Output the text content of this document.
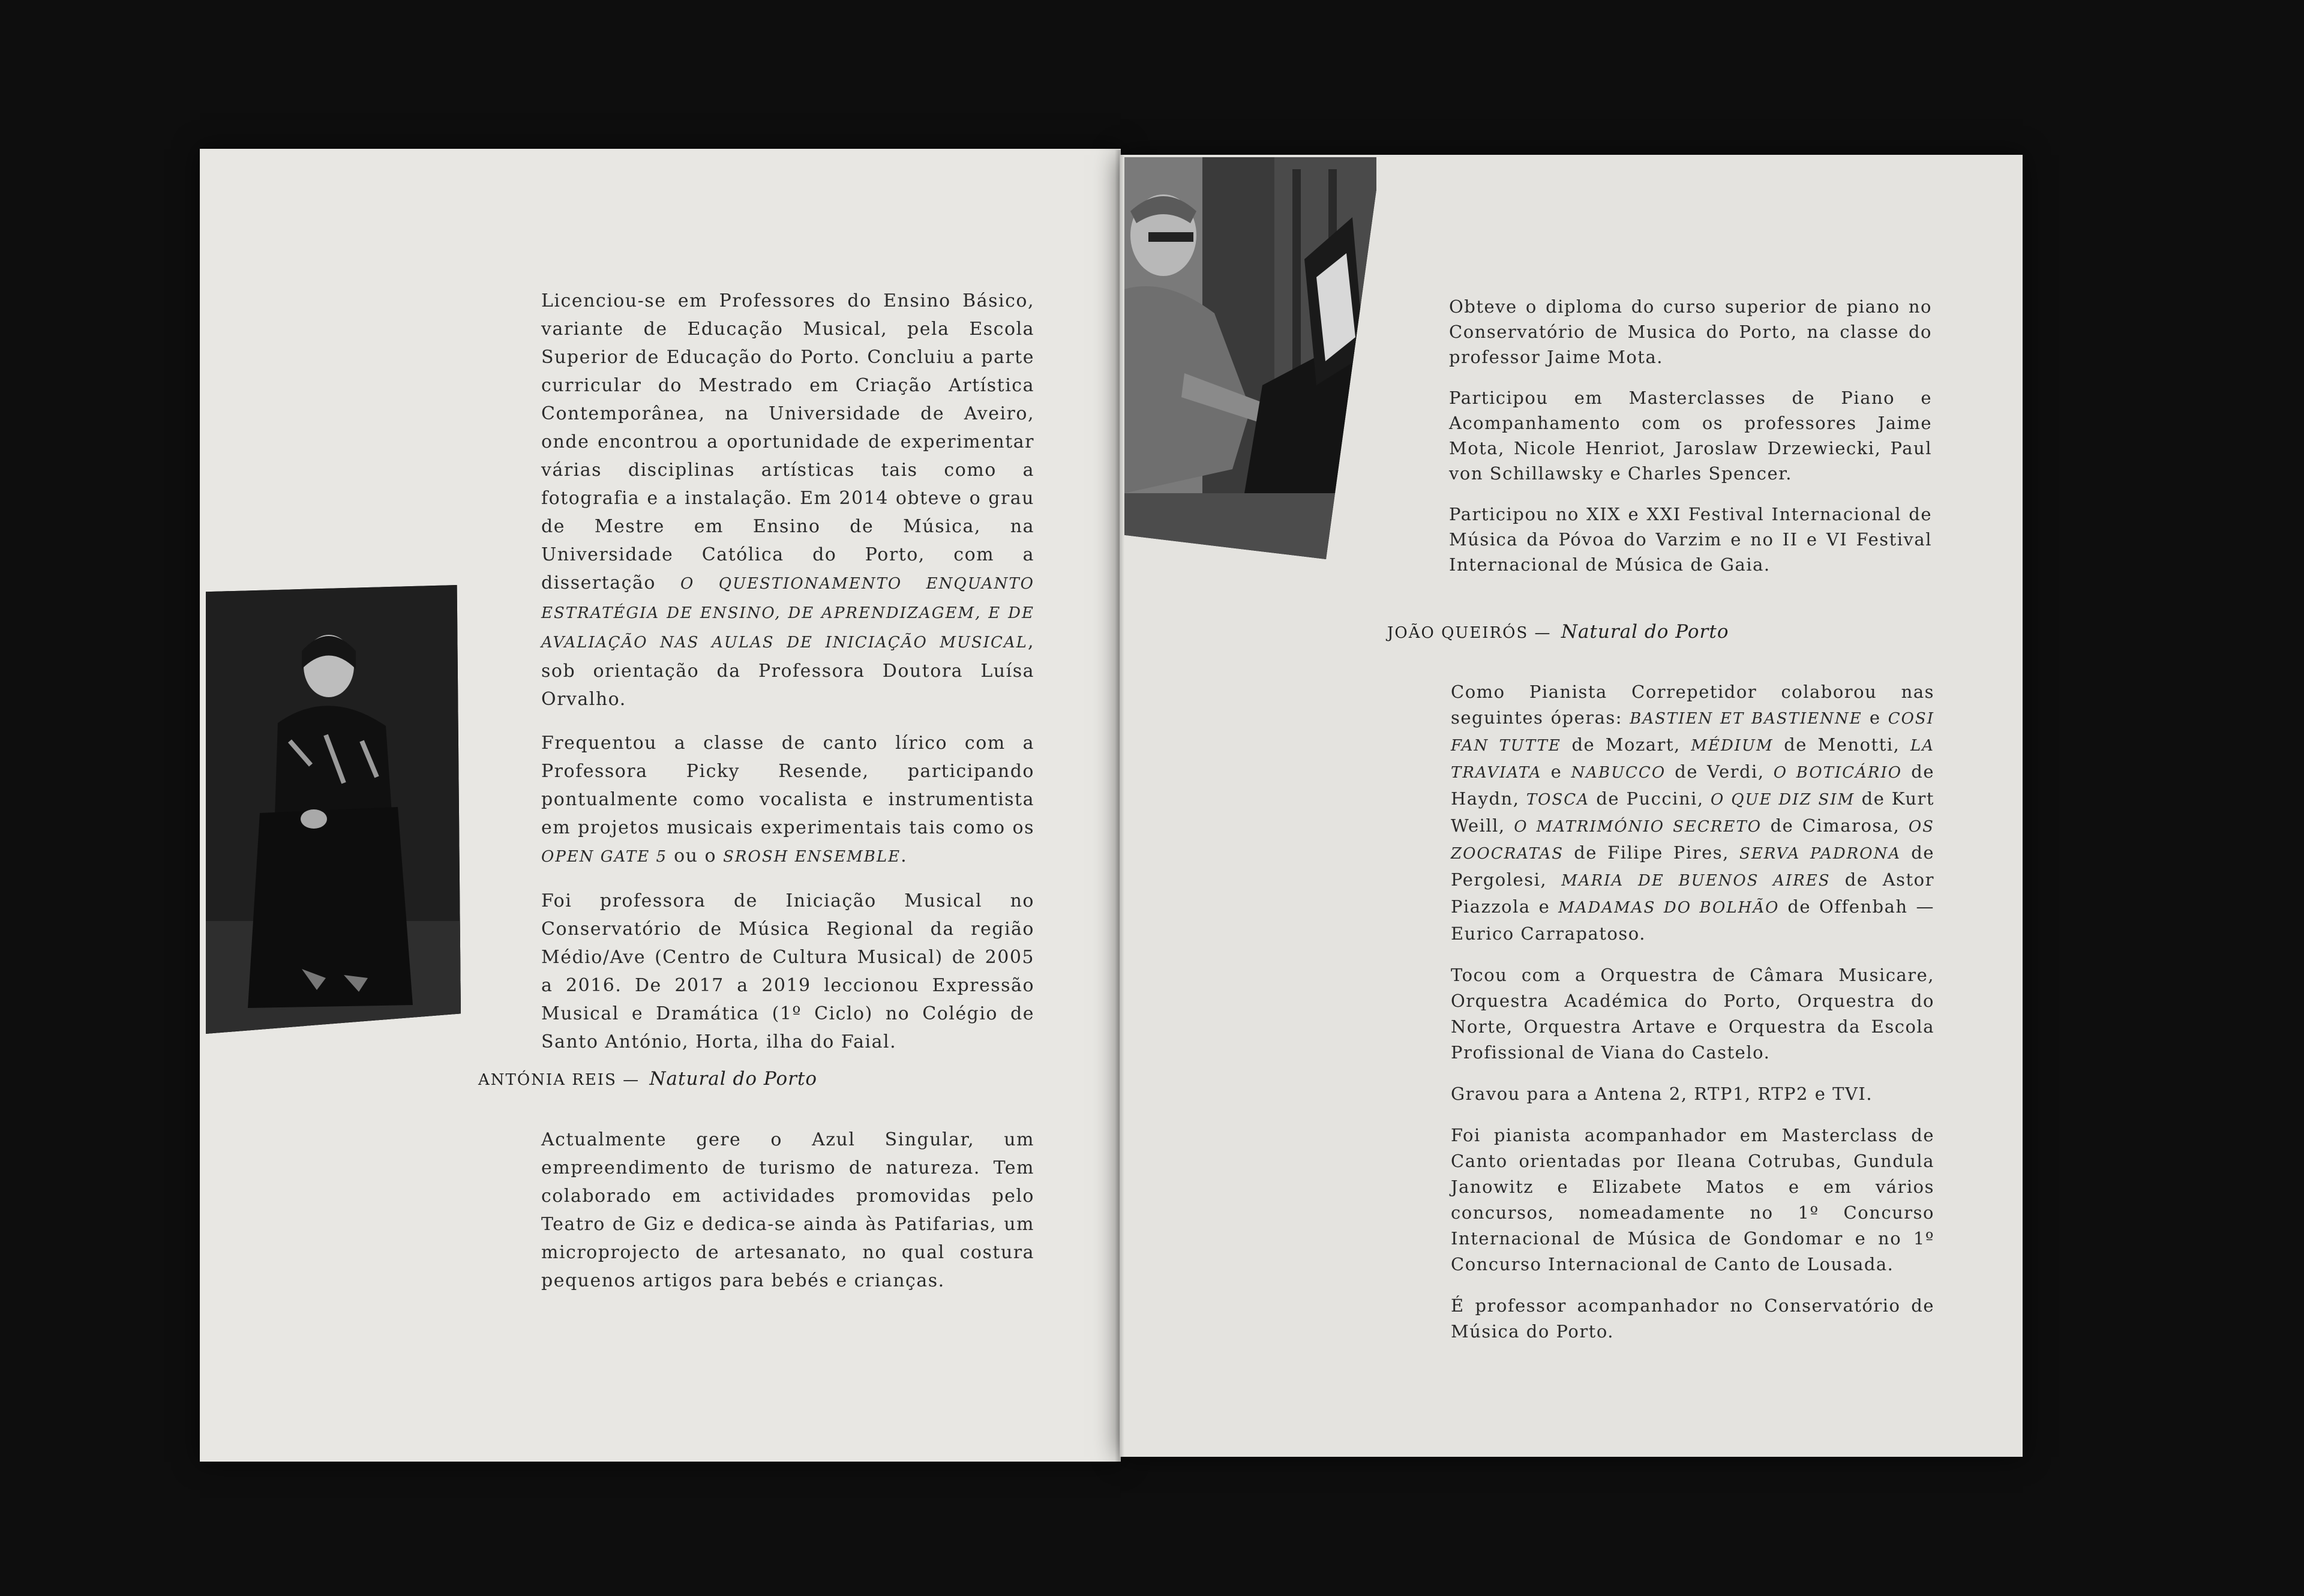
Licenciou-se em Professores do Ensino Básico, variante de Educação Musical, pela Escola Superior de Educação do Porto. Concluiu a parte curricular do Mestrado em Criação Artística Contemporânea, na Universidade de Aveiro, onde encontrou a oportunidade de experimentar várias disciplinas artísticas tais como a fotografia e a instalação. Em 2014 obteve o grau de Mestre em Ensino de Música, na Universidade Católica do Porto, com a dissertação O QUESTIONAMENTO ENQUANTO ESTRATÉGIA DE ENSINO, DE APRENDIZAGEM, E DE AVALIAÇÃO NAS AULAS DE INICIAÇÃO MUSICAL, sob orientação da Professora Doutora Luísa Orvalho.

Frequentou a classe de canto lírico com a Professora Picky Resende, participando pontualmente como vocalista e instrumentista em projetos musicais experimentais tais como os OPEN GATE 5 ou o SROSH ENSEMBLE.

Foi professora de Iniciação Musical no Conservatório de Música Regional da região Médio/Ave (Centro de Cultura Musical) de 2005 a 2016. De 2017 a 2019 leccionou Expressão Musical e Dramática (1º Ciclo) no Colégio de Santo António, Horta, ilha do Faial.

ANTÓNIA REIS — Natural do Porto

Actualmente gere o Azul Singular, um empreendimento de turismo de natureza. Tem colaborado em actividades promovidas pelo Teatro de Giz e dedica-se ainda às Patifarias, um microprojecto de artesanato, no qual costura pequenos artigos para bebés e crianças.

Obteve o diploma do curso superior de piano no Conservatório de Musica do Porto, na classe do professor Jaime Mota.

Participou em Masterclasses de Piano e Acompanhamento com os professores Jaime Mota, Nicole Henriot, Jaroslaw Drzewiecki, Paul von Schillawsky e Charles Spencer.

Participou no XIX e XXI Festival Internacional de Música da Póvoa do Varzim e no II e VI Festival Internacional de Música de Gaia.

JOÃO QUEIRÓS — Natural do Porto

Como Pianista Correpetidor colaborou nas seguintes óperas: BASTIEN ET BASTIENNE e COSI FAN TUTTE de Mozart, MÉDIUM de Menotti, LA TRAVIATA e NABUCCO de Verdi, O BOTICÁRIO de Haydn, TOSCA de Puccini, O QUE DIZ SIM de Kurt Weill, O MATRIMÓNIO SECRETO de Cimarosa, OS ZOOCRATAS de Filipe Pires, SERVA PADRONA de Pergolesi, MARIA DE BUENOS AIRES de Astor Piazzola e MADAMAS DO BOLHÃO de Offenbah — Eurico Carrapatoso.

Tocou com a Orquestra de Câmara Musicare, Orquestra Académica do Porto, Orquestra do Norte, Orquestra Artave e Orquestra da Escola Profissional de Viana do Castelo.

Gravou para a Antena 2, RTP1, RTP2 e TVI.

Foi pianista acompanhador em Masterclass de Canto orientadas por Ileana Cotrubas, Gundula Janowitz e Elizabete Matos e em vários concursos, nomeadamente no 1º Concurso Internacional de Música de Gondomar e no 1º Concurso Internacional de Canto de Lousada.

É professor acompanhador no Conservatório de Música do Porto.
